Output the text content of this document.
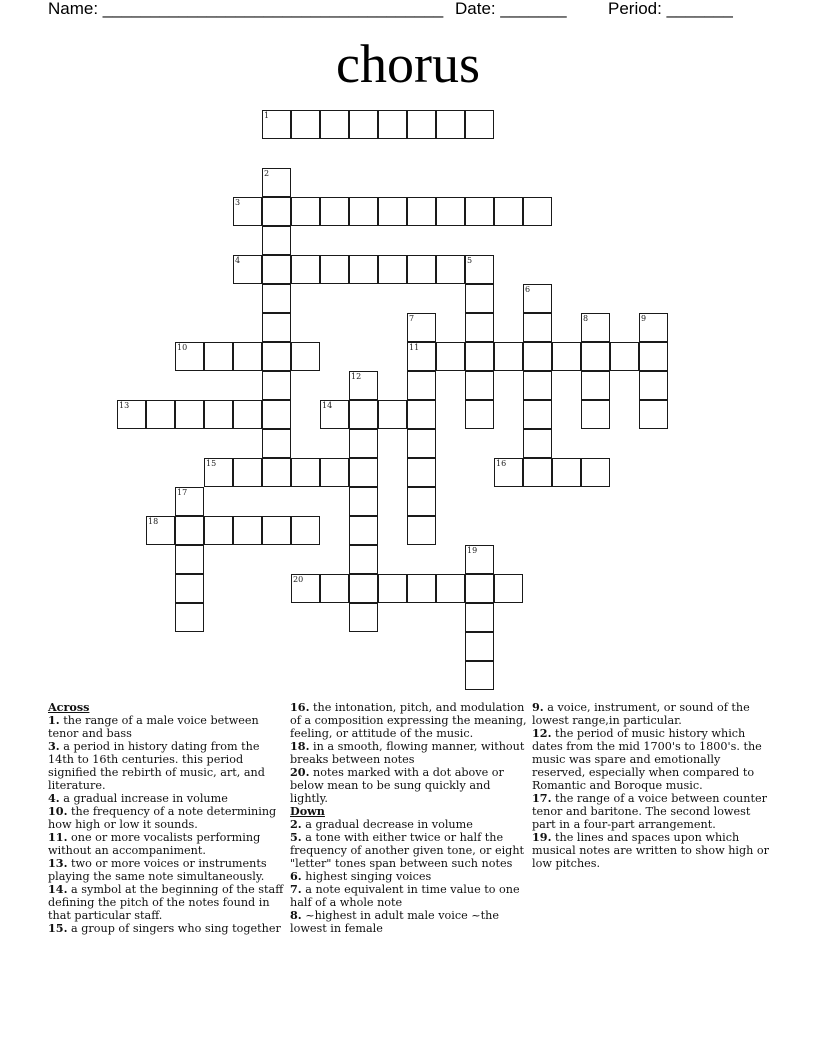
Name: ____________________________________ Date: _______ Period: _______
chorus
1
2
3
4	5
6
7
11
8	9
10
12
13	14
15	16
17
18
19
20
Across
1. the range of a male voice between tenor and bass
3. a period in history dating from the 14th to 16th centuries. this period signified the rebirth of music, art, and literature.
4. a gradual increase in volume
10. the frequency of a note determining how high or low it sounds.
11. one or more vocalists performing without an accompaniment.
13. two or more voices or instruments playing the same note simultaneously.
14. a symbol at the beginning of the staff defining the pitch of the notes found in that particular staff.
15. a group of singers who sing together
16. the intonation, pitch, and modulation of a composition expressing the meaning, feeling, or attitude of the music.
18. in a smooth, flowing manner, without breaks between notes
20. notes marked with a dot above or below mean to be sung quickly and lightly.
Down
2. a gradual decrease in volume
5. a tone with either twice or half the frequency of another given tone, or eight "letter" tones span between such notes
6. highest singing voices
7. a note equivalent in time value to one half of a whole note
8. ~highest in adult male voice ~the lowest in female
9. a voice, instrument, or sound of the lowest range,in particular.
12. the period of music history which dates from the mid 1700's to 1800's. the music was spare and emotionally reserved, especially when compared to Romantic and Boroque music.
17. the range of a voice between counter tenor and baritone. The second lowest part in a four-part arrangement.
19. the lines and spaces upon which musical notes are written to show high or low pitches.
